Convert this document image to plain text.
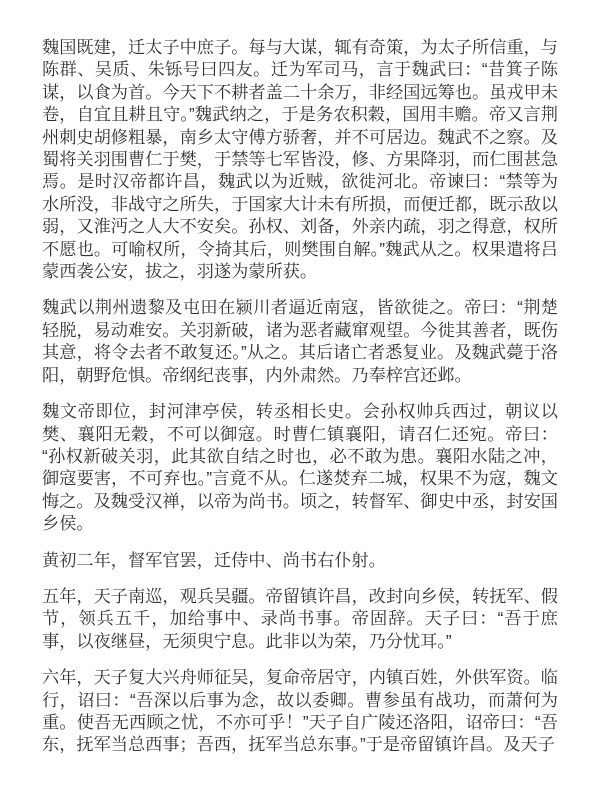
魏国既建，迁太子中庶子。每与大谋，辄有奇策，为太子所信重，与陈群、吴质、朱铄号曰四友。迁为军司马，言于魏武曰：“昔箕子陈谋，以食为首。今天下不耕者盖二十余万，非经国远筹也。虽戎甲未卷，自宜且耕且守。”魏武纳之，于是务农积穀，国用丰赡。帝又言荆州刺史胡修粗暴，南乡太守傅方骄奢，并不可居边。魏武不之察。及蜀将关羽围曹仁于樊，于禁等七军皆没，修、方果降羽，而仁围甚急焉。是时汉帝都许昌，魏武以为近贼，欲徙河北。帝谏曰：“禁等为水所没，非战守之所失，于国家大计未有所损，而便迁都，既示敌以弱，又淮沔之人大不安矣。孙权、刘备，外亲内疏，羽之得意，权所不愿也。可喻权所，令掎其后，则樊围自解。”魏武从之。权果遣将吕蒙西袭公安，拔之，羽遂为蒙所获。

魏武以荆州遗黎及屯田在颍川者逼近南寇，皆欲徙之。帝曰：“荆楚轻脱，易动难安。关羽新破，诸为恶者藏窜观望。今徙其善者，既伤其意，将令去者不敢复还。”从之。其后诸亡者悉复业。及魏武薨于洛阳，朝野危惧。帝纲纪丧事，内外肃然。乃奉梓宫还邺。

魏文帝即位，封河津亭侯，转丞相长史。会孙权帅兵西过，朝议以樊、襄阳无穀，不可以御寇。时曹仁镇襄阳，请召仁还宛。帝曰：“孙权新破关羽，此其欲自结之时也，必不敢为患。襄阳水陆之冲，御寇要害，不可弃也。”言竟不从。仁遂焚弃二城，权果不为寇，魏文悔之。及魏受汉禅，以帝为尚书。顷之，转督军、御史中丞，封安国乡侯。

黄初二年，督军官罢，迁侍中、尚书右仆射。

五年，天子南巡，观兵吴疆。帝留镇许昌，改封向乡侯，转抚军、假节，领兵五千，加给事中、录尚书事。帝固辞。天子曰：“吾于庶事，以夜继昼，无须臾宁息。此非以为荣，乃分忧耳。”

六年，天子复大兴舟师征吴，复命帝居守，内镇百姓，外供军资。临行，诏曰：“吾深以后事为念，故以委卿。曹参虽有战功，而萧何为重。使吾无西顾之忧，不亦可乎！”天子自广陵还洛阳，诏帝曰：“吾东，抚军当总西事；吾西，抚军当总东事。”于是帝留镇许昌。及天子
